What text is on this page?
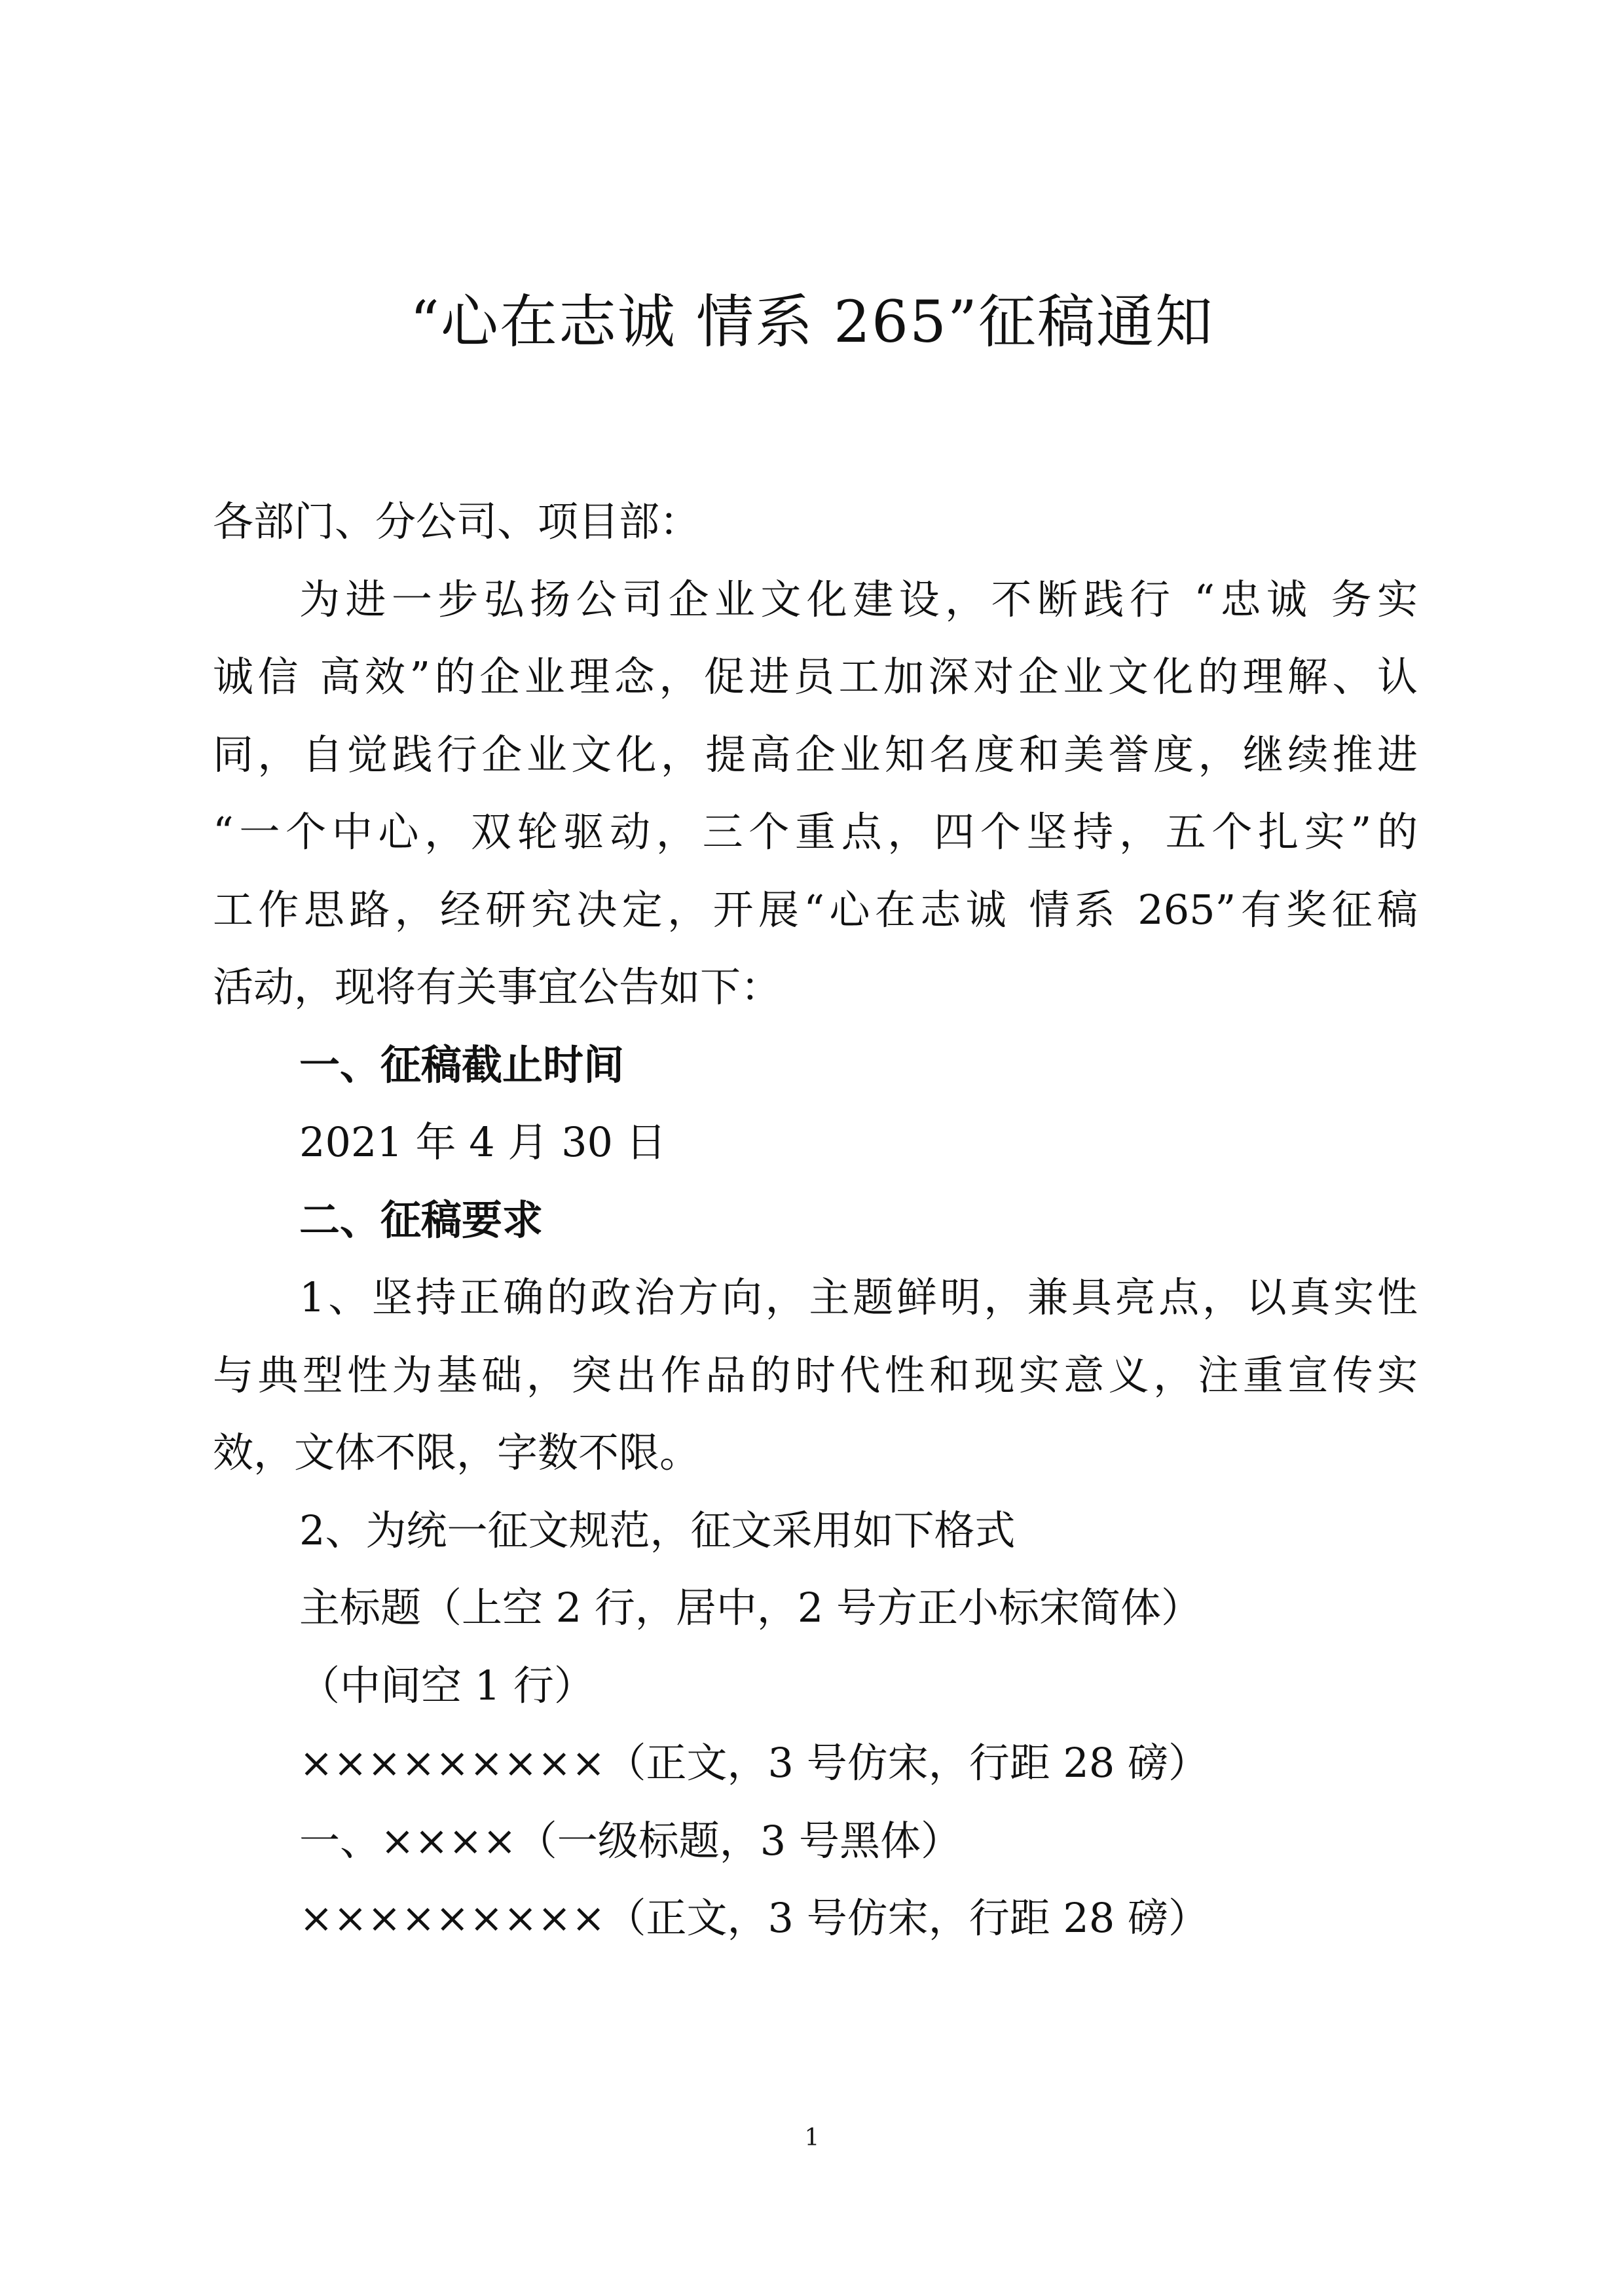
“心在志诚 情系 265”征稿通知
各部门、分公司、项目部：
为进一步弘扬公司企业文化建设，不断践行 “忠诚 务实
诚信 高效”的企业理念，促进员工加深对企业文化的理解、认
同，自觉践行企业文化，提高企业知名度和美誉度，继续推进
“一个中心，双轮驱动，三个重点，四个坚持，五个扎实”的
工作思路，经研究决定，开展“心在志诚 情系 265”有奖征稿
活动，现将有关事宜公告如下：
一、征稿截止时间
2021 年 4 月 30 日
二、征稿要求
1、坚持正确的政治方向，主题鲜明，兼具亮点，以真实性
与典型性为基础，突出作品的时代性和现实意义，注重宣传实
效，文体不限，字数不限。
2、为统一征文规范，征文采用如下格式
主标题（上空 2 行，居中，2 号方正小标宋简体）
（中间空 1 行）
×××××××××（正文，3 号仿宋，行距 28 磅）
一、××××（一级标题，3 号黑体）
×××××××××（正文，3 号仿宋，行距 28 磅）
1
